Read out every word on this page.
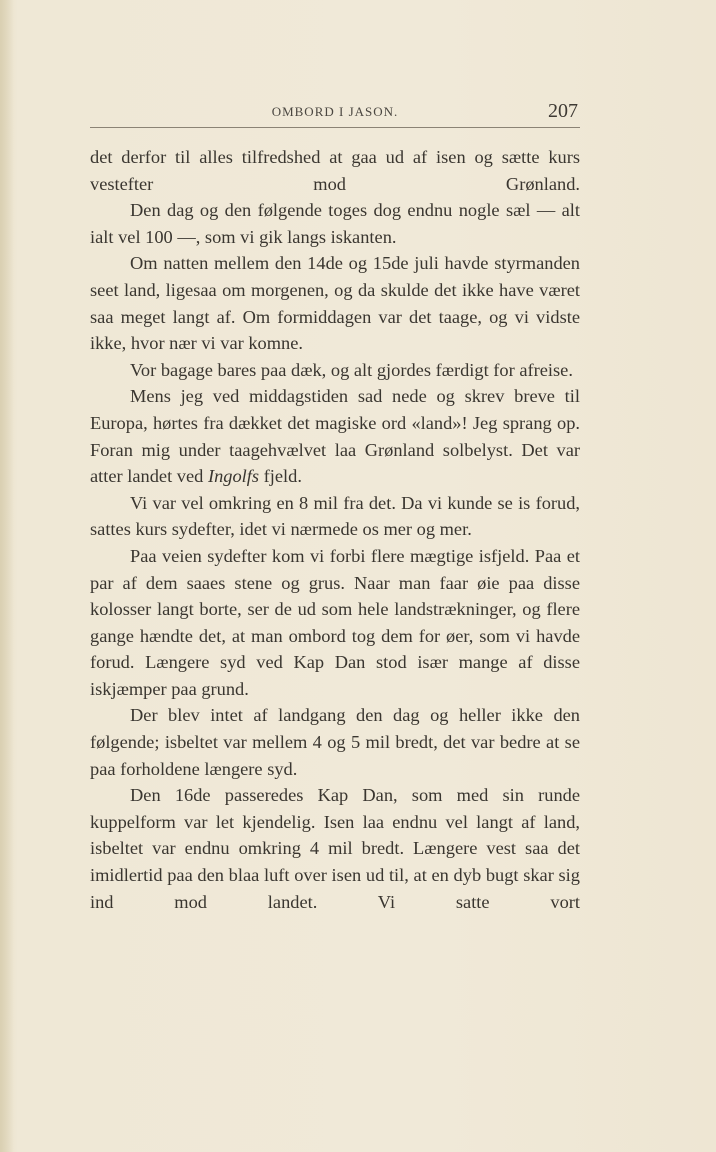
OMBORD I JASON.	207

det derfor til alles tilfredshed at gaa ud af isen og sætte kurs vestefter mod Grønland.

Den dag og den følgende toges dog endnu nogle sæl — alt ialt vel 100 —, som vi gik langs iskanten.

Om natten mellem den 14de og 15de juli havde styrmanden seet land, ligesaa om morgenen, og da skulde det ikke have været saa meget langt af. Om formiddagen var det taage, og vi vidste ikke, hvor nær vi var komne.

Vor bagage bares paa dæk, og alt gjordes færdigt for afreise.

Mens jeg ved middagstiden sad nede og skrev breve til Europa, hørtes fra dækket det magiske ord «land»! Jeg sprang op. Foran mig under taagehvælvet laa Grønland solbelyst. Det var atter landet ved Ingolfs fjeld.

Vi var vel omkring en 8 mil fra det. Da vi kunde se is forud, sattes kurs sydefter, idet vi nærmede os mer og mer.

Paa veien sydefter kom vi forbi flere mægtige isfjeld. Paa et par af dem saaes stene og grus. Naar man faar øie paa disse kolosser langt borte, ser de ud som hele landstrækninger, og flere gange hændte det, at man ombord tog dem for øer, som vi havde forud. Længere syd ved Kap Dan stod især mange af disse iskjæmper paa grund.

Der blev intet af landgang den dag og heller ikke den følgende; isbeltet var mellem 4 og 5 mil bredt, det var bedre at se paa forholdene længere syd.

Den 16de passeredes Kap Dan, som med sin runde kuppelform var let kjendelig. Isen laa endnu vel langt af land, isbeltet var endnu omkring 4 mil bredt. Længere vest saa det imidlertid paa den blaa luft over isen ud til, at en dyb bugt skar sig ind mod landet. Vi satte vort
